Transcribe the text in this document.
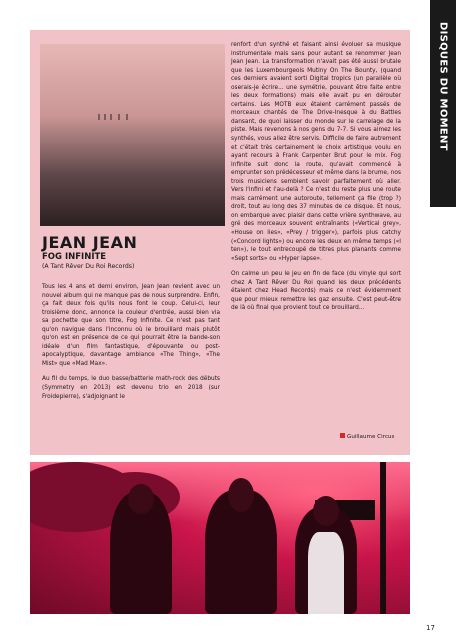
DISQUES DU MOMENT
JEAN JEAN
FOG INFINITE
(A Tant Rêver Du Roi Records)

Tous les 4 ans et demi environ, Jean Jean revient avec un nouvel album qui ne manque pas de nous surprendre. Enfin, ça fait deux fois qu'ils nous font le coup. Celui-ci, leur troisième donc, annonce la couleur d'entrée, aussi bien via sa pochette que son titre, Fog Infinite. Ce n'est pas tant qu'on navigue dans l'inconnu où le brouillard mais plutôt qu'on est en présence de ce qui pourrait être la bande-son idéale d'un film fantastique, d'épouvante ou post-apocalyptique, davantage ambiance «The Thing», «The Mist» que «Mad Max».

Au fil du temps, le duo basse/batterie math-rock des débuts (Symmetry en 2013) est devenu trio en 2018 (sur Froidepierre), s'adjoignant le

renfort d'un synthé et faisant ainsi évoluer sa musique instrumentale mais sans pour autant se renommer Jean Jean Jean. La transformation n'avait pas été aussi brutale que les Luxembourgeois Mutiny On The Bounty, (quand ces derniers avaient sorti Digital tropics (un parallèle où oserais-je écrire... une symétrie, pouvant être faite entre les deux formations) mais elle avait pu en dérouter certains. Les MOTB eux étaient carrément passés de morceaux chantés de The Drive-Inesque à du Battles dansant, de quoi laisser du monde sur le carrelage de la piste. Mais revenons à nos gens du 7-7. Si vous aimez les synthés, vous allez être servis. Difficile de faire autrement et c'était très certainement le choix artistique voulu en ayant recours à Frank Carpenter Brut pour le mix. Fog Infinite suit donc la route, qu'avait commencé à emprunter son prédécesseur et même dans la brume, nos trois musiciens semblent savoir parfaitement où aller. Vers l'infini et l'au-delà ? Ce n'est du reste plus une route mais carrément une autoroute, tellement ça file (trop ?) droit, tout au long des 37 minutes de ce disque. Et nous, on embarque avec plaisir dans cette vrière synthwave, au gré des morceaux souvent entraînants («Vertical grey», «House on lies», «Prey / trigger»), parfois plus catchy («Concord lights») ou encore les deux en même temps («I ten»), le tout entrecoupé de titres plus planants comme «Sept sorts» ou «Hyper lapse».

On calme un peu le jeu en fin de face (du vinyle qui sort chez A Tant Rêver Du Roi quand les deux précédents étaient chez Head Records) mais ce n'est évidemment que pour mieux remettre les gaz ensuite. C'est peut-être de là où final que provient tout ce brouillard...

Guillaume Circus
17
